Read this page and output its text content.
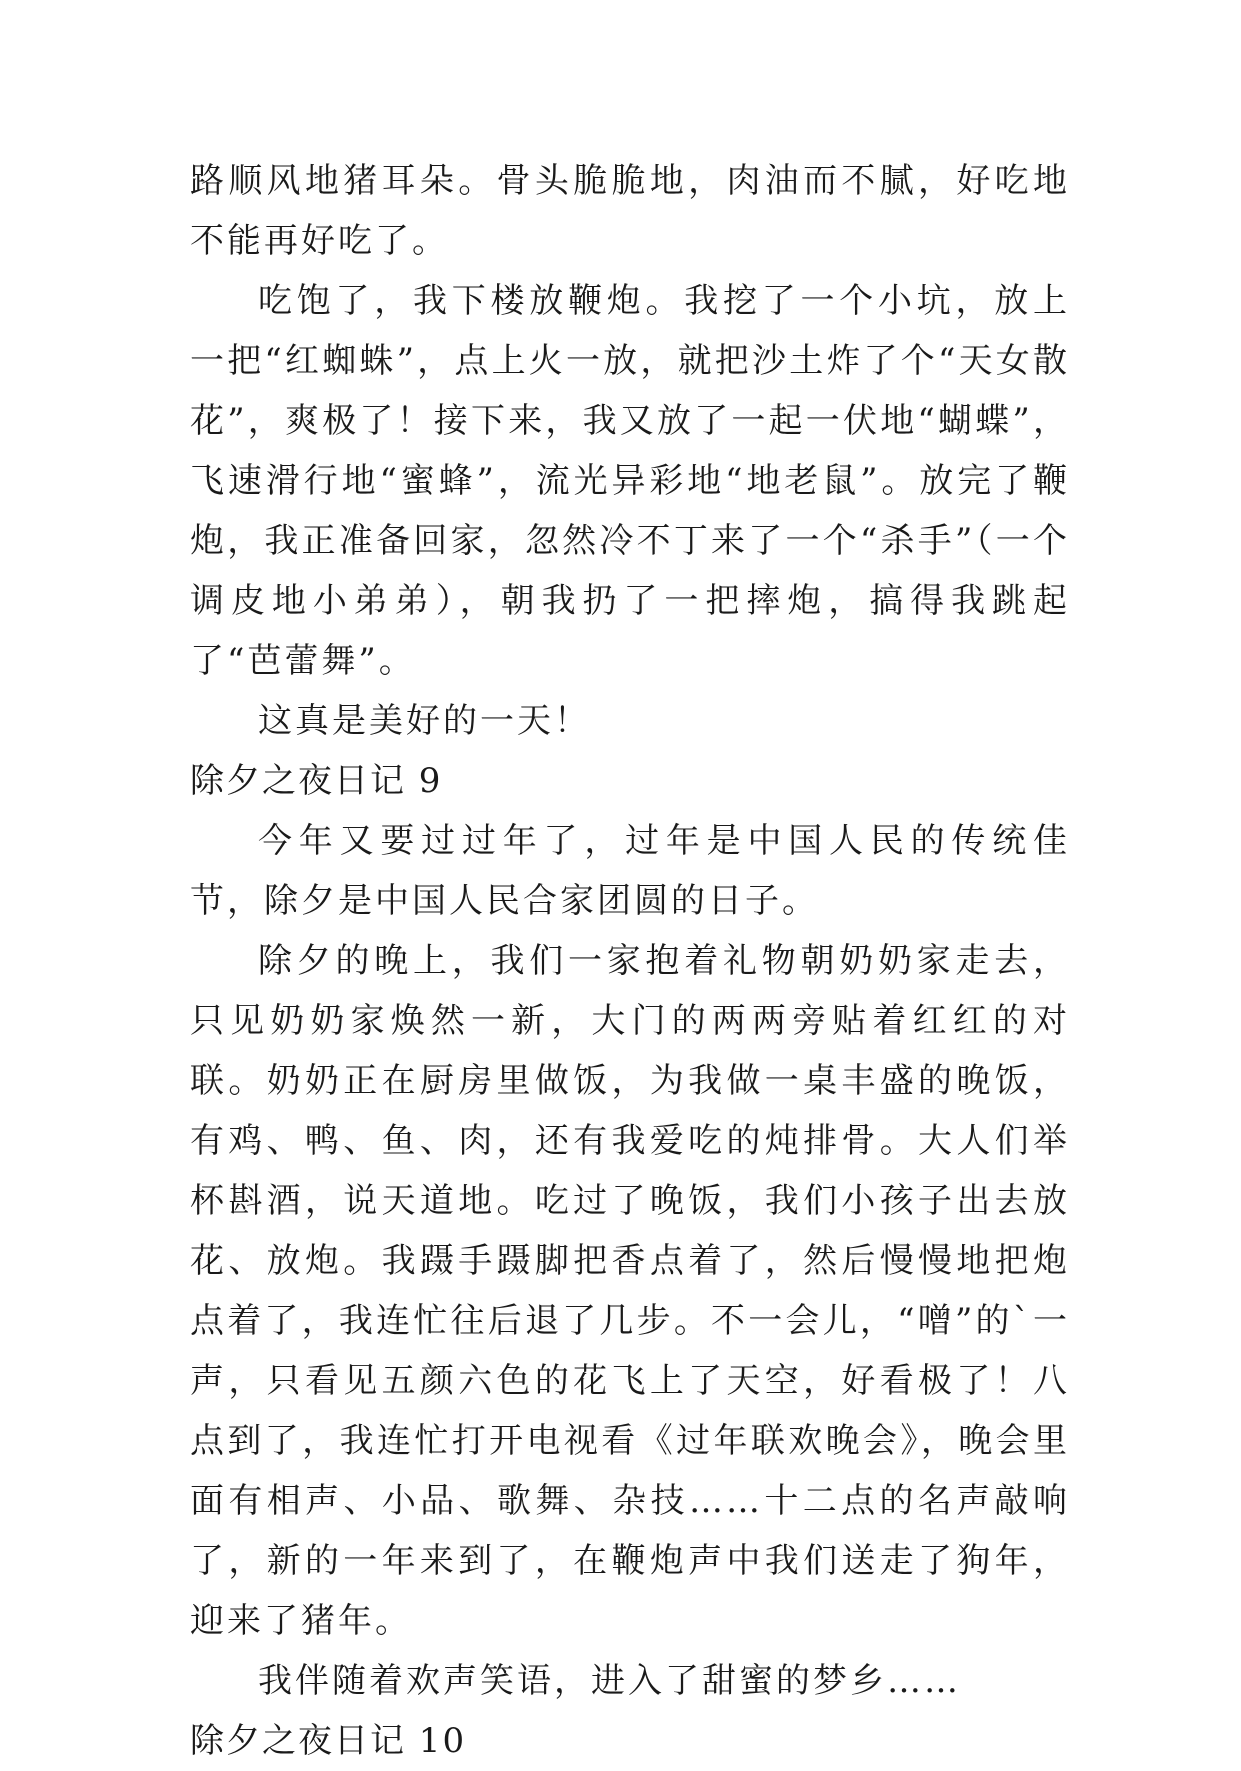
路顺风地猪耳朵。骨头脆脆地，肉油而不腻，好吃地不能再好吃了。

吃饱了，我下楼放鞭炮。我挖了一个小坑，放上一把“红蜘蛛”，点上火一放，就把沙土炸了个“天女散花”，爽极了！接下来，我又放了一起一伏地“蝴蝶”，飞速滑行地“蜜蜂”，流光异彩地“地老鼠”。放完了鞭炮，我正准备回家，忽然冷不丁来了一个“杀手”（一个调皮地小弟弟），朝我扔了一把摔炮，搞得我跳起了“芭蕾舞”。

这真是美好的一天！

除夕之夜日记 9

今年又要过过年了，过年是中国人民的传统佳节，除夕是中国人民合家团圆的日子。

除夕的晚上，我们一家抱着礼物朝奶奶家走去，只见奶奶家焕然一新，大门的两两旁贴着红红的对联。奶奶正在厨房里做饭，为我做一桌丰盛的晚饭，有鸡、鸭、鱼、肉，还有我爱吃的炖排骨。大人们举杯斟酒，说天道地。吃过了晚饭，我们小孩子出去放花、放炮。我蹑手蹑脚把香点着了，然后慢慢地把炮点着了，我连忙往后退了几步。不一会儿，“噌”的`一声，只看见五颜六色的花飞上了天空，好看极了！八点到了，我连忙打开电视看《过年联欢晚会》，晚会里面有相声、小品、歌舞、杂技……十二点的名声敲响了，新的一年来到了，在鞭炮声中我们送走了狗年，迎来了猪年。

我伴随着欢声笑语，进入了甜蜜的梦乡……

除夕之夜日记 10
